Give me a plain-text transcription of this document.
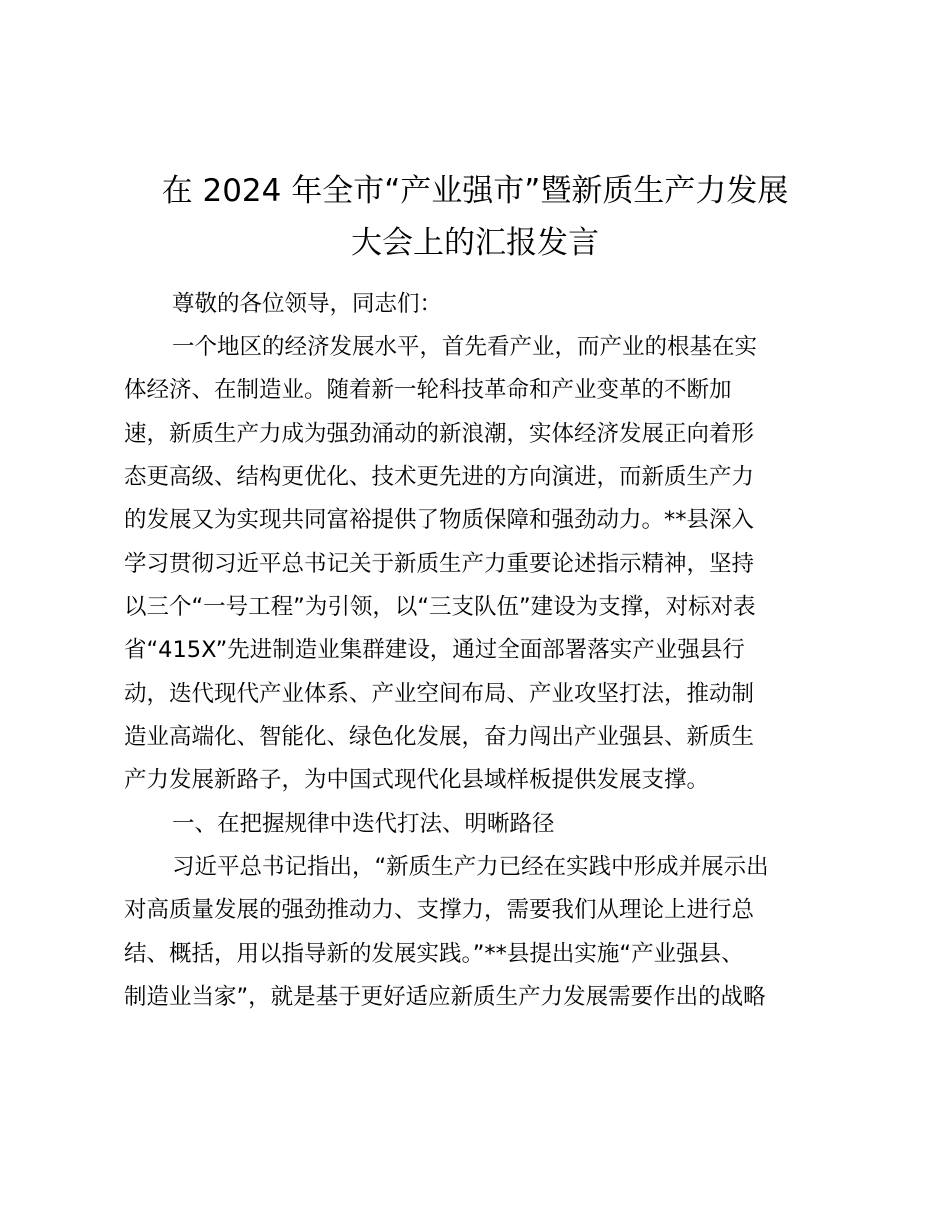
在 2024 年全市“产业强市”暨新质生产力发展
大会上的汇报发言

尊敬的各位领导，同志们：

一个地区的经济发展水平，首先看产业，而产业的根基在实

体经济、在制造业。随着新一轮科技革命和产业变革的不断加

速，新质生产力成为强劲涌动的新浪潮，实体经济发展正向着形

态更高级、结构更优化、技术更先进的方向演进，而新质生产力

的发展又为实现共同富裕提供了物质保障和强劲动力。**县深入

学习贯彻习近平总书记关于新质生产力重要论述指示精神，坚持

以三个“一号工程”为引领，以“三支队伍”建设为支撑，对标对表

省“415X”先进制造业集群建设，通过全面部署落实产业强县行

动，迭代现代产业体系、产业空间布局、产业攻坚打法，推动制

造业高端化、智能化、绿色化发展，奋力闯出产业强县、新质生

产力发展新路子，为中国式现代化县域样板提供发展支撑。

一、在把握规律中迭代打法、明晰路径

习近平总书记指出，“新质生产力已经在实践中形成并展示出

对高质量发展的强劲推动力、支撑力，需要我们从理论上进行总

结、概括，用以指导新的发展实践。”**县提出实施“产业强县、

制造业当家”，就是基于更好适应新质生产力发展需要作出的战略
